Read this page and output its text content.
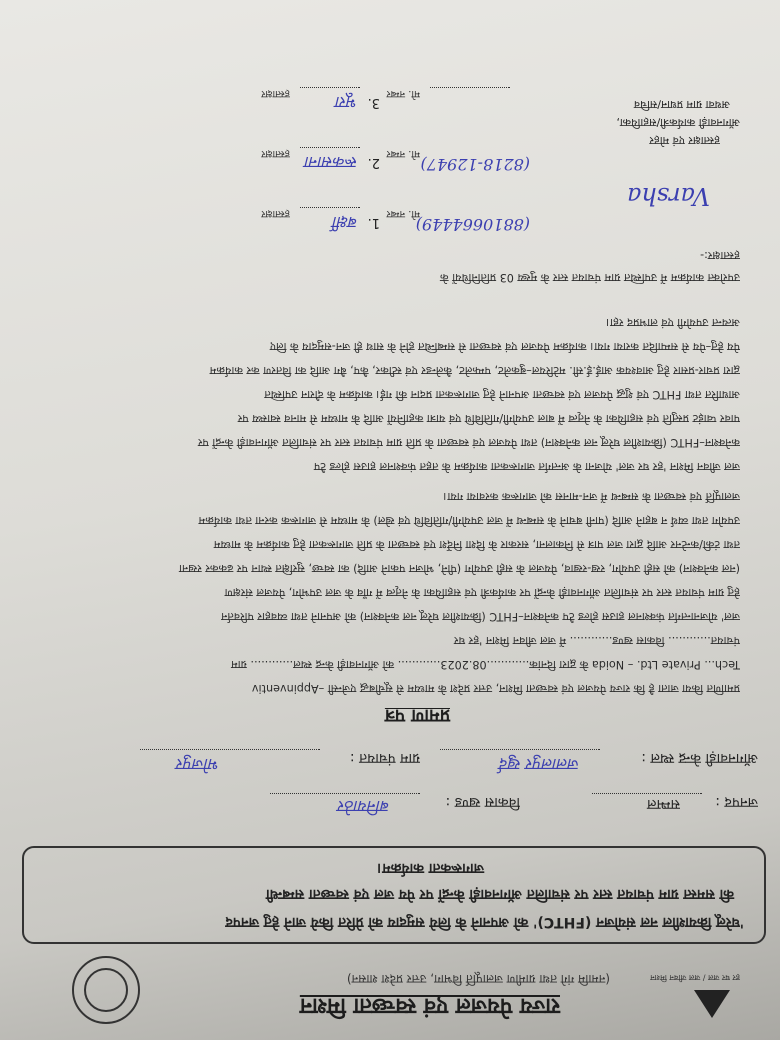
हर घर जल / जल जीवन मिशन
राज्य पेयजल एवं स्वच्छता मिशन
(नमामि गंगे तथा ग्रामीण जलापूर्ति विभाग, उत्तर प्रदेश शासन)
'घरेलू क्रियाशील नल संयोजन (FHTC)' को अपनाने के लिये समुदाय को प्रेरित किये जाने हेतु जनपद
की समस्त ग्राम पंचायत स्तर पर संचालित ऑगनवाड़ी केन्द्रों पर पेय जल एवं स्वच्छता सम्बन्धी
जागरूकता कार्यक्रम।
जनपद :
सम्भल
विकास खण्ड :
बनियाठेर
ऑगनवाड़ी केन्द्र स्थल :
जलालपुर खुर्द
ग्राम पंचायत :
भोजपुर
प्रमाण पत्र
प्रमाणित किया जाता है कि राज्य पेयजल एवं स्वच्छता मिशन, उत्तर प्रदेश के माध्यम से सूचीबद्ध एजेन्सी –Appinventiv
Tech... Private Ltd. – Noida के द्वारा दिनांक............08.2023............ को ऑगनवाड़ी केन्द्र स्थल............ ग्राम
पंचायत............ विकास खण्ड............ में जल जीवन मिशन 'हर घर
जल' योजनान्तर्गत फंक्शनल हाउस होल्ड टैप कनेक्शन–FHTC (क्रियाशील घरेलू नल कनेक्शन) को अपनाने तथा व्यवहार परिवर्तन
हेतु ग्राम पंचायत स्तर पर संचालित ऑगनवाड़ी केन्द्रों पर कार्यकत्री एवं सहायिका के नेतृत्व में गाँव के जल उपभोग, पेयजल संरक्षण
(नल कनेक्शन) को सही उपयोग, रख-रखाव, पेयजल के सही उपयोग (पीने, भोजन पकाने आदि) का स्वच्छ, सुरक्षित स्थान पर ढककर रखना
तथा टंकी/कन्टेनर आदि द्वारा जल पात्र से निकालना, सरकार के दिशा निर्देश एवं स्वच्छता के प्रति जागरूकता हेतु कार्यक्रम के माध्यम
उपयोग तथा व्यर्थ न बहाने आदि (पानी बचाने के सम्बन्ध में जल उपयोगी/गतिविधि एवं खेल) के माध्यम से जागरूक करना तथा कार्यक्रम
जलापूर्ति एवं स्वच्छता के सम्बन्ध में जन-मानस को जागरूक करवाया गया।
जल जीवन मिशन 'हर घर जल' योजना के अन्तर्गत जागरूकता कार्यक्रम के तहत फंक्शनल हाउस होल्ड टैप
कनेक्शन–FHTC (क्रियाशील घरेलू नल कनेक्शन) तथा पेयजल एवं स्वच्छता के प्रति ग्राम पंचायत स्तर पर संचालित ऑगनवाड़ी केन्द्रों पर
पावर प्वाइंट प्रस्तुति एवं सहायिका के नेतृत्व में बाल उपयोगी/गतिविधि एवं यात्रा कहानियों आदि के माध्यम से मानव स्वास्थ्य पर
आधारित तथा FHTC एवं शुद्ध पेयजल एवं स्वच्छता अपनाने हेतु जागरूकता प्रदान की गई। कार्यक्रम के दौरान उपस्थित
द्वारा प्रचार-प्रसार हेतु आवश्यक आई.ई.सी. मटेरियल–बुकलेट, पम्फलेट, कैलेन्डर एवं स्टीकर, कैप, बैग आदि का वितरण कर कार्यक्रम
पेय हेतु–पेय से सम्पादित कराया गया। कार्यक्रम पेयजल एवं स्वच्छता से सम्बन्धित होने के साथ ही जन-समुदाय के लिए
अत्यन्त उपयोगी एवं लाभप्रद रहा।
उपरोक्त कार्यक्रम में उपस्थित ग्राम पंचायत स्तर के मुख्य 03 प्रतिनिधियों के
हस्ताक्षर:-
1.
बर्क्षी
हस्ताक्षर
(8810664449)
मो. नम्बर
2.
रूकसाना
हस्ताक्षर
(8218-12947)
मो. नम्बर
3.
भूरा
हस्ताक्षर	मो. नम्बर
Varsha
हस्ताक्षर एवं मोहर
ऑगनवाड़ी कार्यकत्री/सहायिका,
अथवा ग्राम प्रधान/सचिव
